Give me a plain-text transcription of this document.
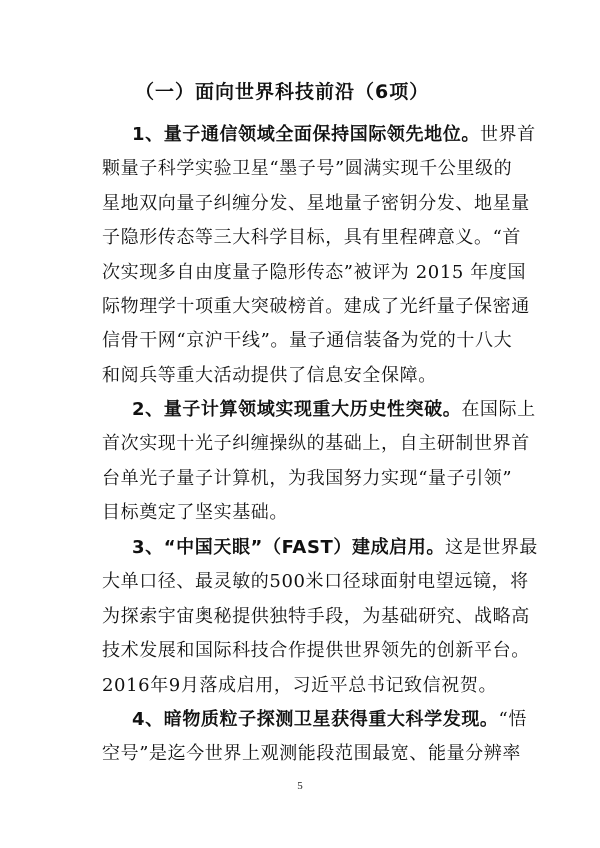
（一）面向世界科技前沿（6项）
1、量子通信领域全面保持国际领先地位。世界首
颗量子科学实验卫星“墨子号”圆满实现千公里级的
星地双向量子纠缠分发、星地量子密钥分发、地星量
子隐形传态等三大科学目标，具有里程碑意义。“首
次实现多自由度量子隐形传态”被评为 2015 年度国
际物理学十项重大突破榜首。建成了光纤量子保密通
信骨干网“京沪干线”。量子通信装备为党的十八大
和阅兵等重大活动提供了信息安全保障。
2、量子计算领域实现重大历史性突破。在国际上
首次实现十光子纠缠操纵的基础上，自主研制世界首
台单光子量子计算机，为我国努力实现“量子引领”
目标奠定了坚实基础。
3、“中国天眼”（FAST）建成启用。这是世界最
大单口径、最灵敏的500米口径球面射电望远镜，将
为探索宇宙奥秘提供独特手段，为基础研究、战略高
技术发展和国际科技合作提供世界领先的创新平台。
2016年9月落成启用，习近平总书记致信祝贺。
4、暗物质粒子探测卫星获得重大科学发现。“悟
空号”是迄今世界上观测能段范围最宽、能量分辨率
5
